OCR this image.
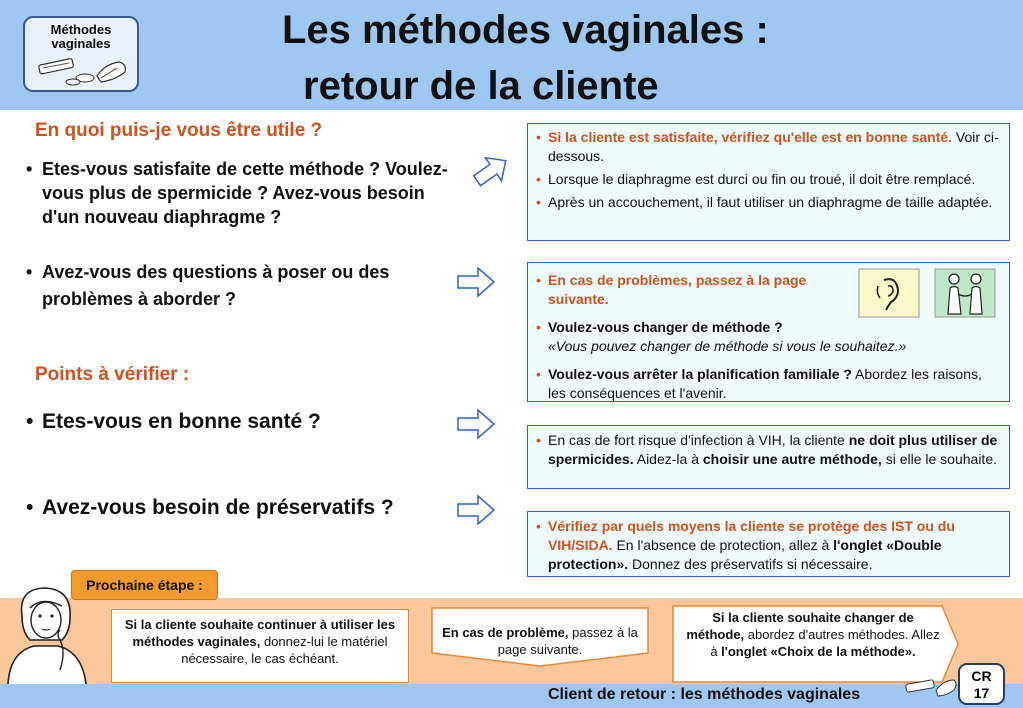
Méthodes vaginales	Les méthodes vaginales :
retour de la cliente
En quoi puis-je vous être utile ?
• Etes-vous satisfaite de cette méthode ? Voulez-vous plus de spermicide ? Avez-vous besoin d'un nouveau diaphragme ?
• Avez-vous des questions à poser ou des problèmes à aborder ?
Points à vérifier :
• Etes-vous en bonne santé ?
• Avez-vous besoin de préservatifs ?
• Si la cliente est satisfaite, vérifiez qu'elle est en bonne santé. Voir ci-dessous.
• Lorsque le diaphragme est durci ou fin ou troué, il doit être remplacé.
• Après un accouchement, il faut utiliser un diaphragme de taille adaptée.
• En cas de problèmes, passez à la page suivante.
• Voulez-vous changer de méthode ?
«Vous pouvez changer de méthode si vous le souhaitez.»
• Voulez-vous arrêter la planification familiale ? Abordez les raisons, les conséquences et l'avenir.
• En cas de fort risque d'infection à VIH, la cliente ne doit plus utiliser de spermicides. Aidez-la à choisir une autre méthode, si elle le souhaite.
• Vérifiez par quels moyens la cliente se protège des IST ou du VIH/SIDA. En l'absence de protection, allez à l'onglet «Double protection». Donnez des préservatifs si nécessaire.
Prochaine étape :
Si la cliente souhaite continuer à utiliser les méthodes vaginales, donnez-lui le matériel nécessaire, le cas échéant.
En cas de problème, passez à la page suivante.
Si la cliente souhaite changer de méthode, abordez d'autres méthodes. Allez à l'onglet «Choix de la méthode».
Client de retour : les méthodes vaginales
CR
17
